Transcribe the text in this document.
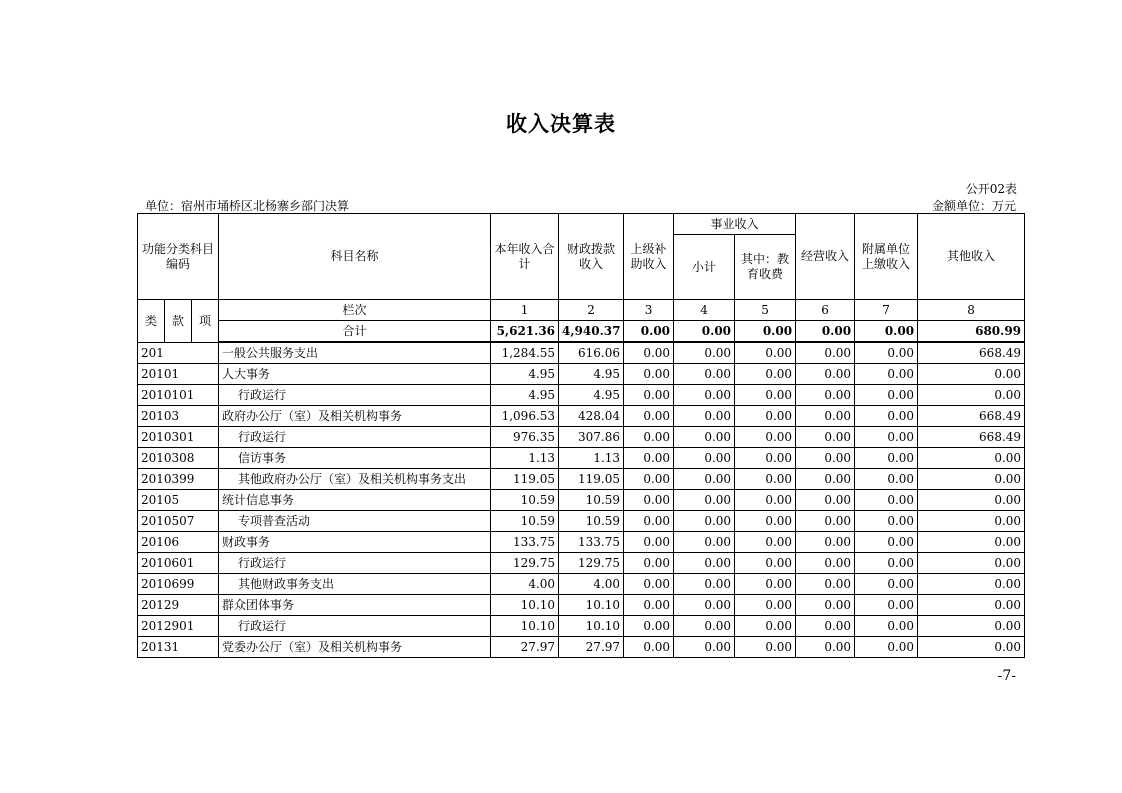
收入决算表
公开02表
单位：宿州市埇桥区北杨寨乡部门决算	金额单位：万元
功能分类科目编码			科目名称	本年收入合计	财政拨款收入	上级补助收入	事业收入		经营收入	附属单位上缴收入	其他收入
							小计	其中：教育收费			
类	款	项	栏次	1	2	3	4	5	6	7	8
			合计	5,621.36	4,940.37	0.00	0.00	0.00	0.00	0.00	680.99
201			一般公共服务支出	1,284.55	616.06	0.00	0.00	0.00	0.00	0.00	668.49
20101			人大事务	4.95	4.95	0.00	0.00	0.00	0.00	0.00	0.00
2010101			行政运行	4.95	4.95	0.00	0.00	0.00	0.00	0.00	0.00
20103			政府办公厅（室）及相关机构事务	1,096.53	428.04	0.00	0.00	0.00	0.00	0.00	668.49
2010301			行政运行	976.35	307.86	0.00	0.00	0.00	0.00	0.00	668.49
2010308			信访事务	1.13	1.13	0.00	0.00	0.00	0.00	0.00	0.00
2010399			其他政府办公厅（室）及相关机构事务支出	119.05	119.05	0.00	0.00	0.00	0.00	0.00	0.00
20105			统计信息事务	10.59	10.59	0.00	0.00	0.00	0.00	0.00	0.00
2010507			专项普查活动	10.59	10.59	0.00	0.00	0.00	0.00	0.00	0.00
20106			财政事务	133.75	133.75	0.00	0.00	0.00	0.00	0.00	0.00
2010601			行政运行	129.75	129.75	0.00	0.00	0.00	0.00	0.00	0.00
2010699			其他财政事务支出	4.00	4.00	0.00	0.00	0.00	0.00	0.00	0.00
20129			群众团体事务	10.10	10.10	0.00	0.00	0.00	0.00	0.00	0.00
2012901			行政运行	10.10	10.10	0.00	0.00	0.00	0.00	0.00	0.00
20131			党委办公厅（室）及相关机构事务	27.97	27.97	0.00	0.00	0.00	0.00	0.00	0.00
-7-
